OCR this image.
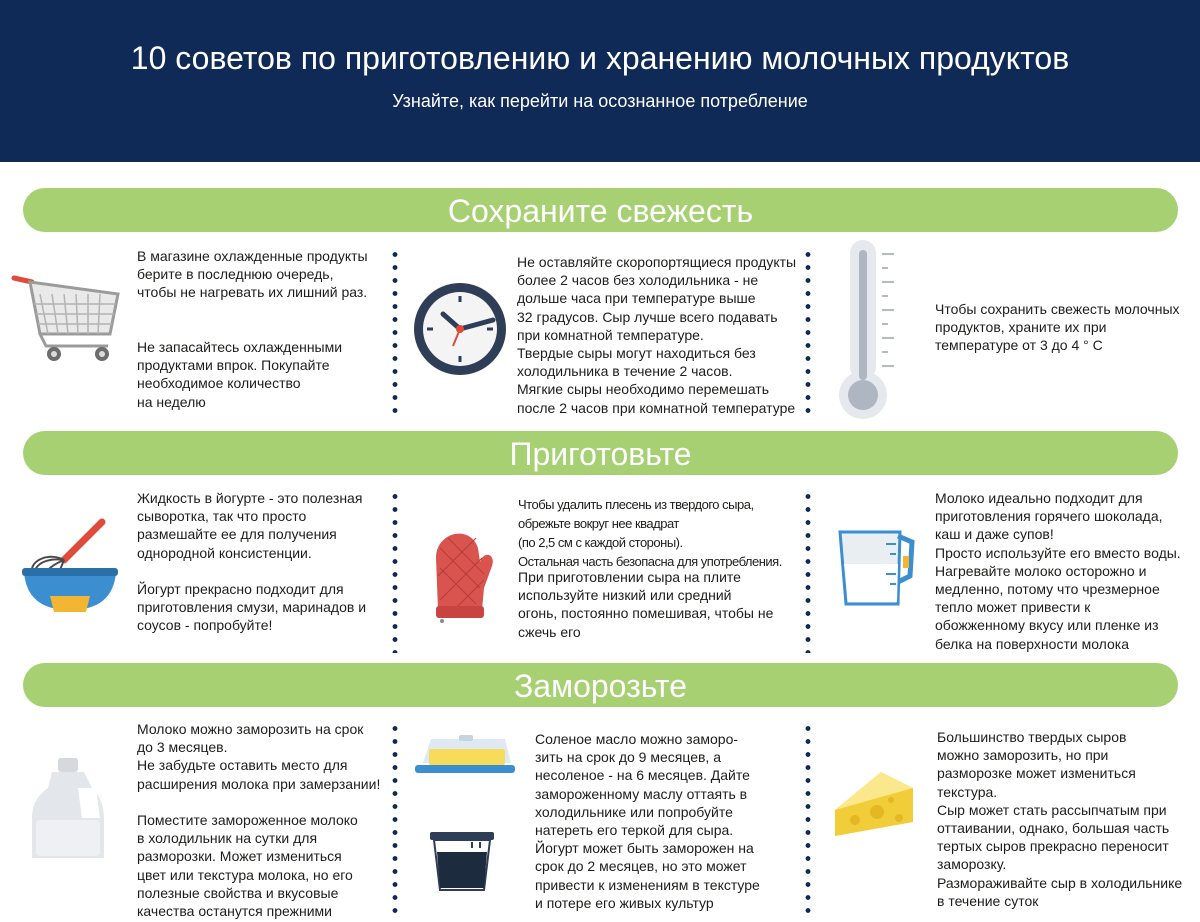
10 советов по приготовлению и хранению молочных продуктов
Узнайте, как перейти на осознанное потребление
Сохраните свежесть
В магазине охлажденные продукты
берите в последнюю очередь,
чтобы не нагревать их лишний раз.

Не запасайтесь охлажденными
продуктами впрок. Покупайте
необходимое количество
на неделю
Не оставляйте скоропортящиеся продукты
более 2 часов без холодильника - не
дольше часа при температуре выше
32 градусов. Сыр лучше всего подавать
при комнатной температуре.
Твердые сыры могут находиться без
холодильника в течение 2 часов.
Мягкие сыры необходимо перемешать
после 2 часов при комнатной температуре
Чтобы сохранить свежесть молочных
продуктов, храните их при
температуре от 3 до 4 ° С
Приготовьте
Жидкость в йогурте - это полезная
сыворотка, так что просто
размешайте ее для получения
однородной консистенции.

Йогурт прекрасно подходит для
приготовления смузи, маринадов и
соусов - попробуйте!
Чтобы удалить плесень из твердого сыра,
обрежьте вокруг нее квадрат
(по 2,5 см с каждой стороны).
Остальная часть безопасна для употребления.
При приготовлении сыра на плите
используйте низкий или средний
огонь, постоянно помешивая, чтобы не
сжечь его
Молоко идеально подходит для
приготовления горячего шоколада,
каш и даже супов!
Просто используйте его вместо воды.
Нагревайте молоко осторожно и
медленно, потому что чрезмерное
тепло может привести к
обожженному вкусу или пленке из
белка на поверхности молока
Заморозьте
Молоко можно заморозить на срок
до 3 месяцев.
Не забудьте оставить место для
расширения молока при замерзании!

Поместите замороженное молоко
в холодильник на сутки для
разморозки. Может измениться
цвет или текстура молока, но его
полезные свойства и вкусовые
качества останутся прежними
Соленое масло можно замoро-
зить на срок до 9 месяцев, а
несоленое - на 6 месяцев. Дайте
замороженному маслу оттаять в
холодильнике или попробуйте
натереть его теркой для сыра.
Йогурт может быть заморожен на
срок до 2 месяцев, но это может
привести к изменениям в текстуре
и потере его живых культур
Большинство твердых сыров
можно заморозить, но при
разморозке может измениться
текстура.
Сыр может стать рассыпчатым при
оттаивании, однако, большая часть
тертых сыров прекрасно переносит
заморозку.
Размораживайте сыр в холодильнике
в течение суток
